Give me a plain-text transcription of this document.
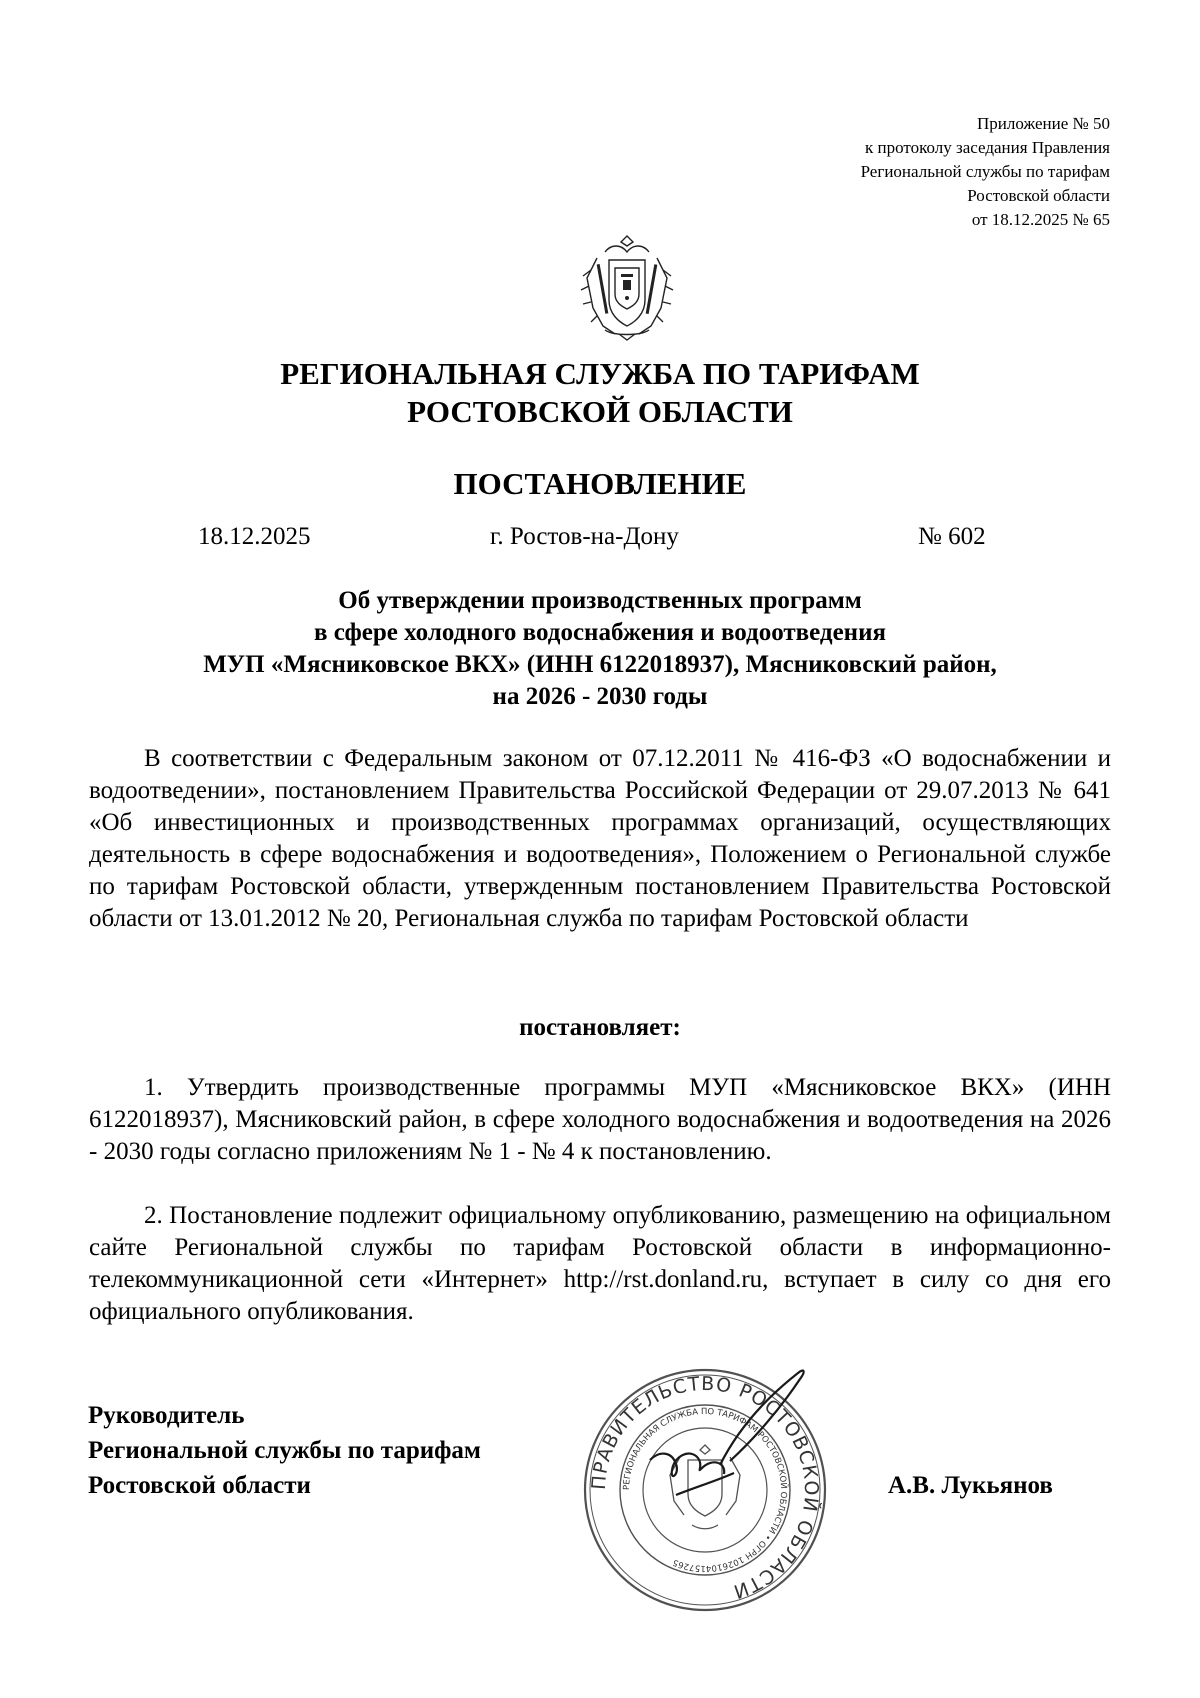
Приложение № 50
к протоколу заседания Правления
Региональной службы по тарифам
Ростовской области
от 18.12.2025 № 65
РЕГИОНАЛЬНАЯ СЛУЖБА ПО ТАРИФАМ
РОСТОВСКОЙ ОБЛАСТИ
ПОСТАНОВЛЕНИЕ
18.12.2025	г. Ростов-на-Дону	№ 602
Об утверждении производственных программ
в сфере холодного водоснабжения и водоотведения
МУП «Мясниковское ВКХ» (ИНН 6122018937), Мясниковский район,
на 2026 - 2030 годы
В соответствии с Федеральным законом от 07.12.2011 № 416-ФЗ «О водоснабжении и водоотведении», постановлением Правительства Российской Федерации от 29.07.2013 № 641 «Об инвестиционных и производственных программах организаций, осуществляющих деятельность в сфере водоснабжения и водоотведения», Положением о Региональной службе по тарифам Ростовской области, утвержденным постановлением Правительства Ростовской области от 13.01.2012 № 20, Региональная служба по тарифам Ростовской области
постановляет:
1. Утвердить производственные программы МУП «Мясниковское ВКХ» (ИНН 6122018937), Мясниковский район, в сфере холодного водоснабжения и водоотведения на 2026 - 2030 годы согласно приложениям № 1 - № 4 к постановлению.
2. Постановление подлежит официальному опубликованию, размещению на официальном сайте Региональной службы по тарифам Ростовской области в информационно-телекоммуникационной сети «Интернет» http://rst.donland.ru, вступает в силу со дня его официального опубликования.
Руководитель
Региональной службы по тарифам
Ростовской области	ПРАВИТЕЛЬСТВО РОСТОВСКОЙ ОБЛАСТИ
РЕГИОНАЛЬНАЯ СЛУЖБА ПО ТАРИФАМ РОСТОВСКОЙ ОБЛАСТИ • ОГРН 1026104157265
А.В. Лукьянов
